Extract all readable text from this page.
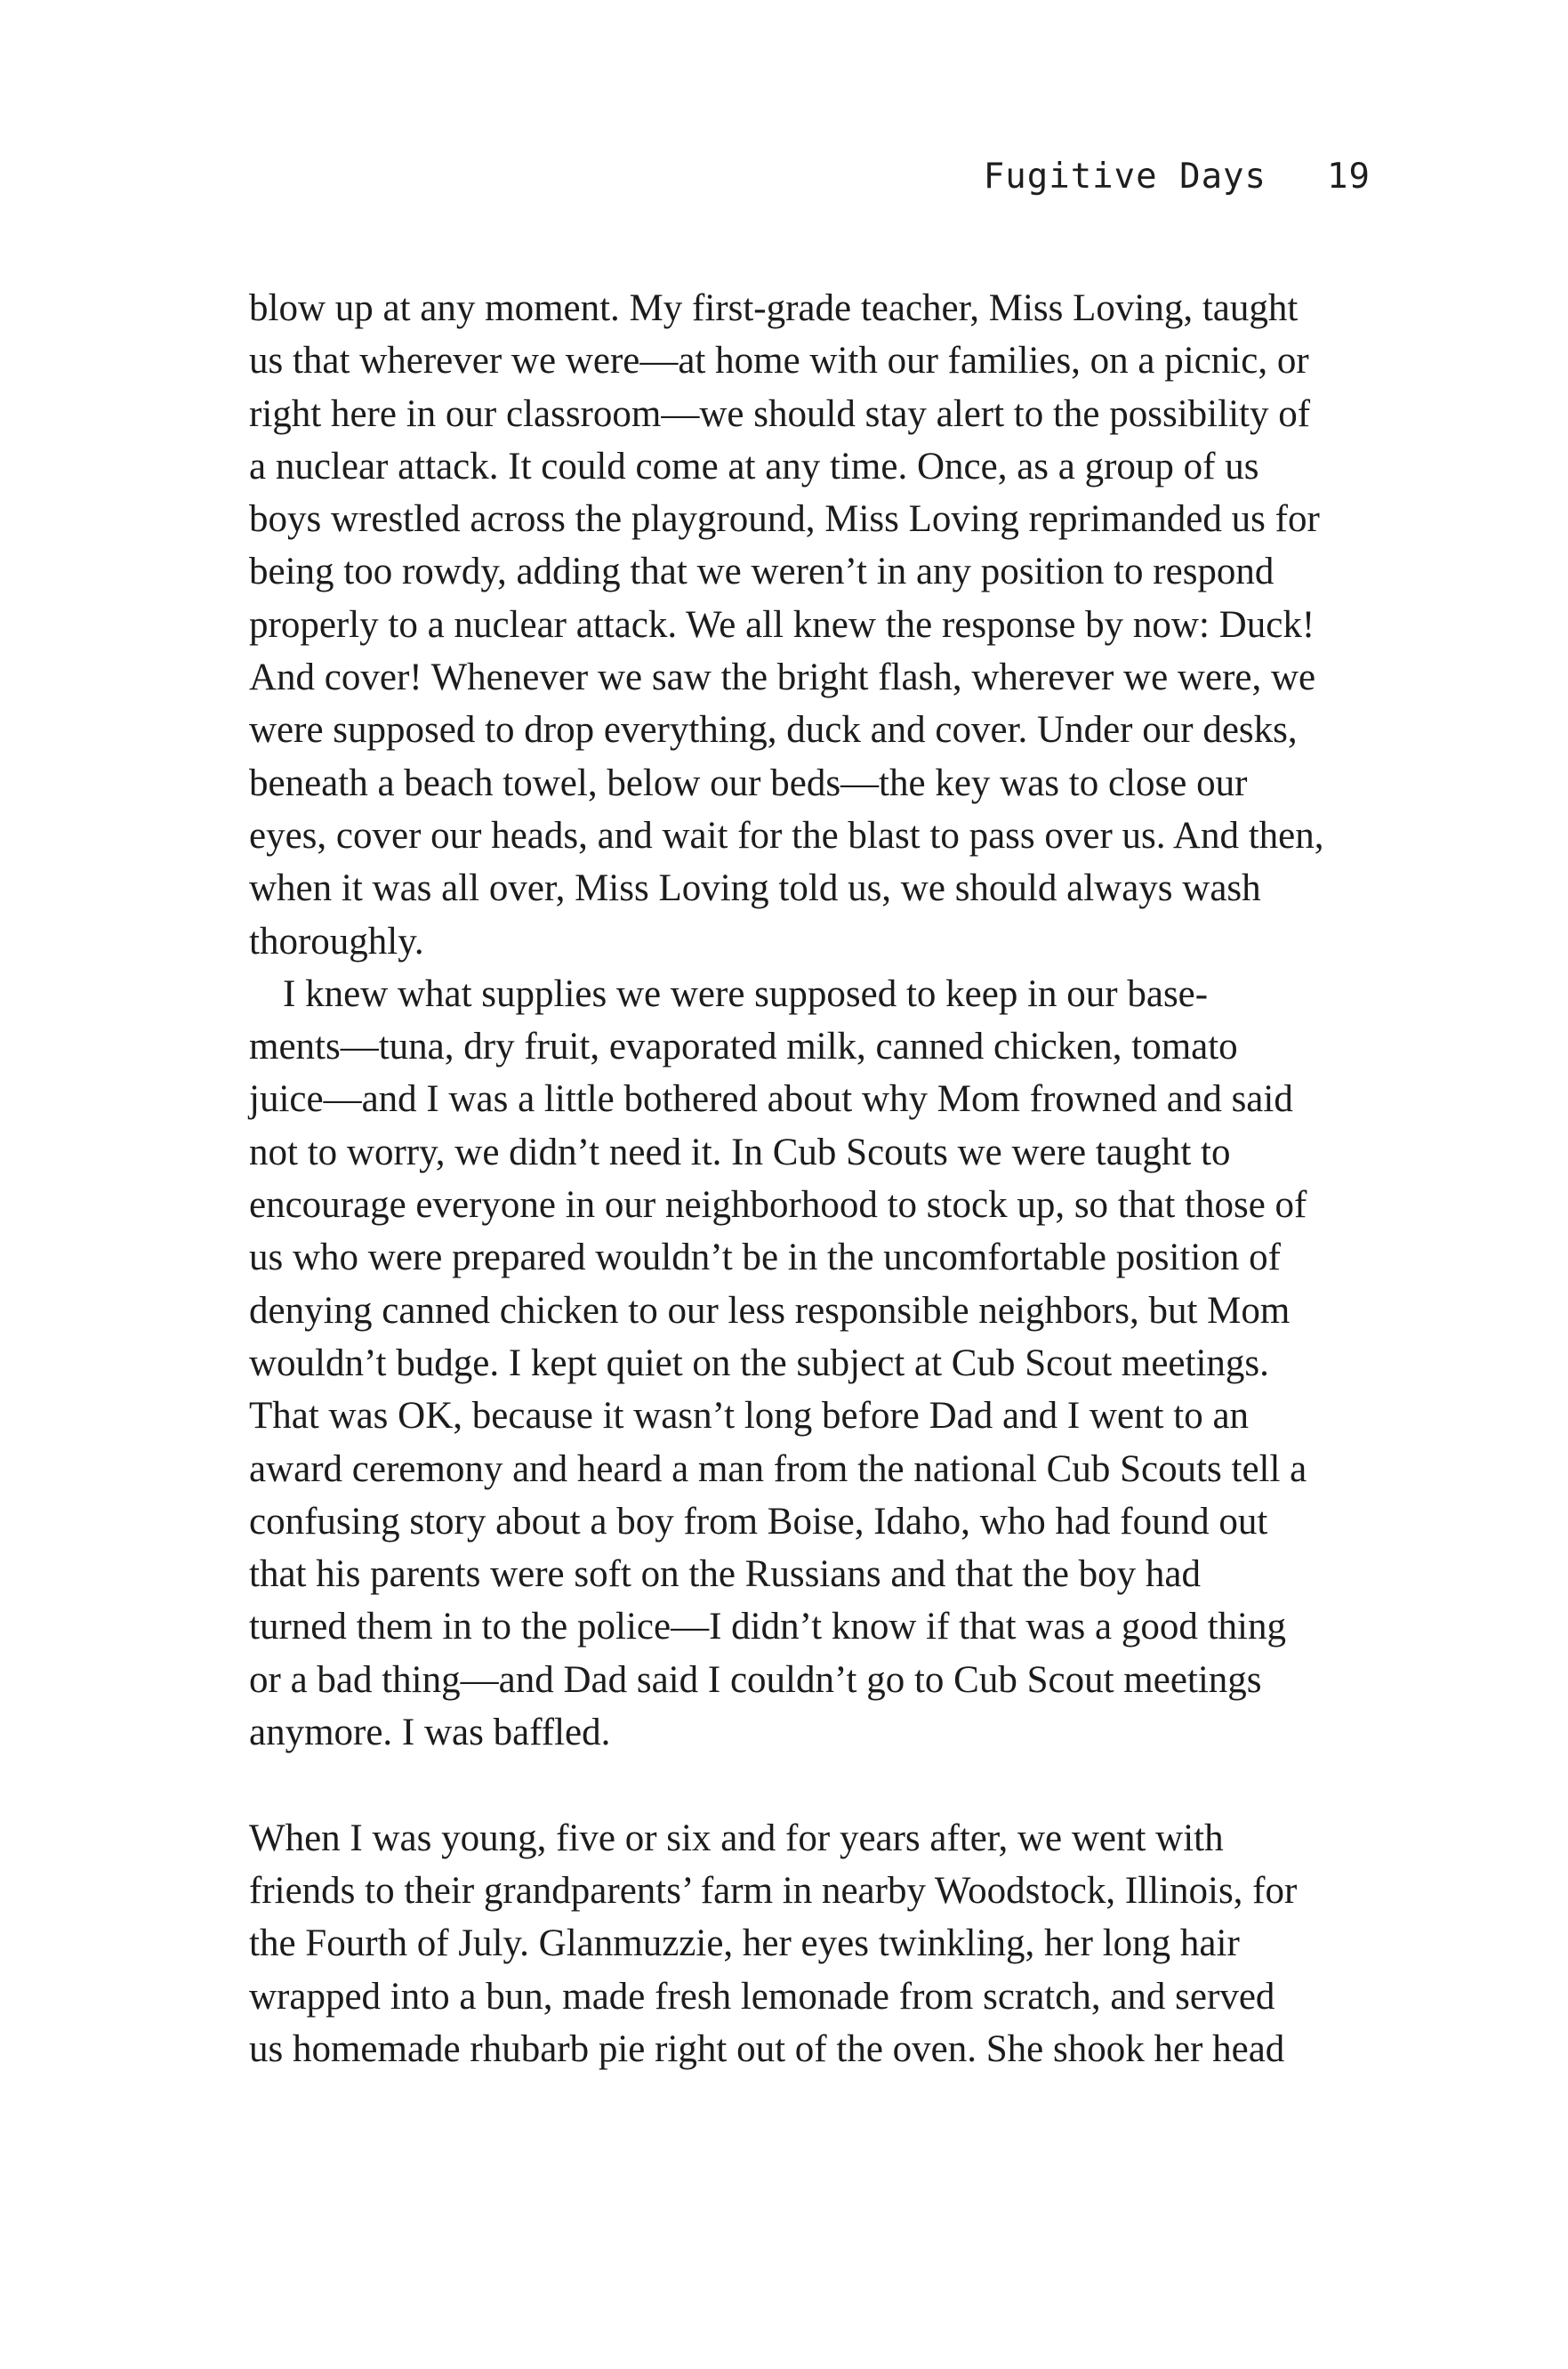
Fugitive Days 19
blow up at any moment. My first-grade teacher, Miss Loving, taught
us that wherever we were—at home with our families, on a picnic, or
right here in our classroom—we should stay alert to the possibility of
a nuclear attack. It could come at any time. Once, as a group of us
boys wrestled across the playground, Miss Loving reprimanded us for
being too rowdy, adding that we weren’t in any position to respond
properly to a nuclear attack. We all knew the response by now: Duck!
And cover! Whenever we saw the bright flash, wherever we were, we
were supposed to drop everything, duck and cover. Under our desks,
beneath a beach towel, below our beds—the key was to close our
eyes, cover our heads, and wait for the blast to pass over us. And then,
when it was all over, Miss Loving told us, we should always wash
thoroughly.
I knew what supplies we were supposed to keep in our base-
ments—tuna, dry fruit, evaporated milk, canned chicken, tomato
juice—and I was a little bothered about why Mom frowned and said
not to worry, we didn’t need it. In Cub Scouts we were taught to
encourage everyone in our neighborhood to stock up, so that those of
us who were prepared wouldn’t be in the uncomfortable position of
denying canned chicken to our less responsible neighbors, but Mom
wouldn’t budge. I kept quiet on the subject at Cub Scout meetings.
That was OK, because it wasn’t long before Dad and I went to an
award ceremony and heard a man from the national Cub Scouts tell a
confusing story about a boy from Boise, Idaho, who had found out
that his parents were soft on the Russians and that the boy had
turned them in to the police—I didn’t know if that was a good thing
or a bad thing—and Dad said I couldn’t go to Cub Scout meetings
anymore. I was baffled.
When I was young, five or six and for years after, we went with
friends to their grandparents’ farm in nearby Woodstock, Illinois, for
the Fourth of July. Glanmuzzie, her eyes twinkling, her long hair
wrapped into a bun, made fresh lemonade from scratch, and served
us homemade rhubarb pie right out of the oven. She shook her head
